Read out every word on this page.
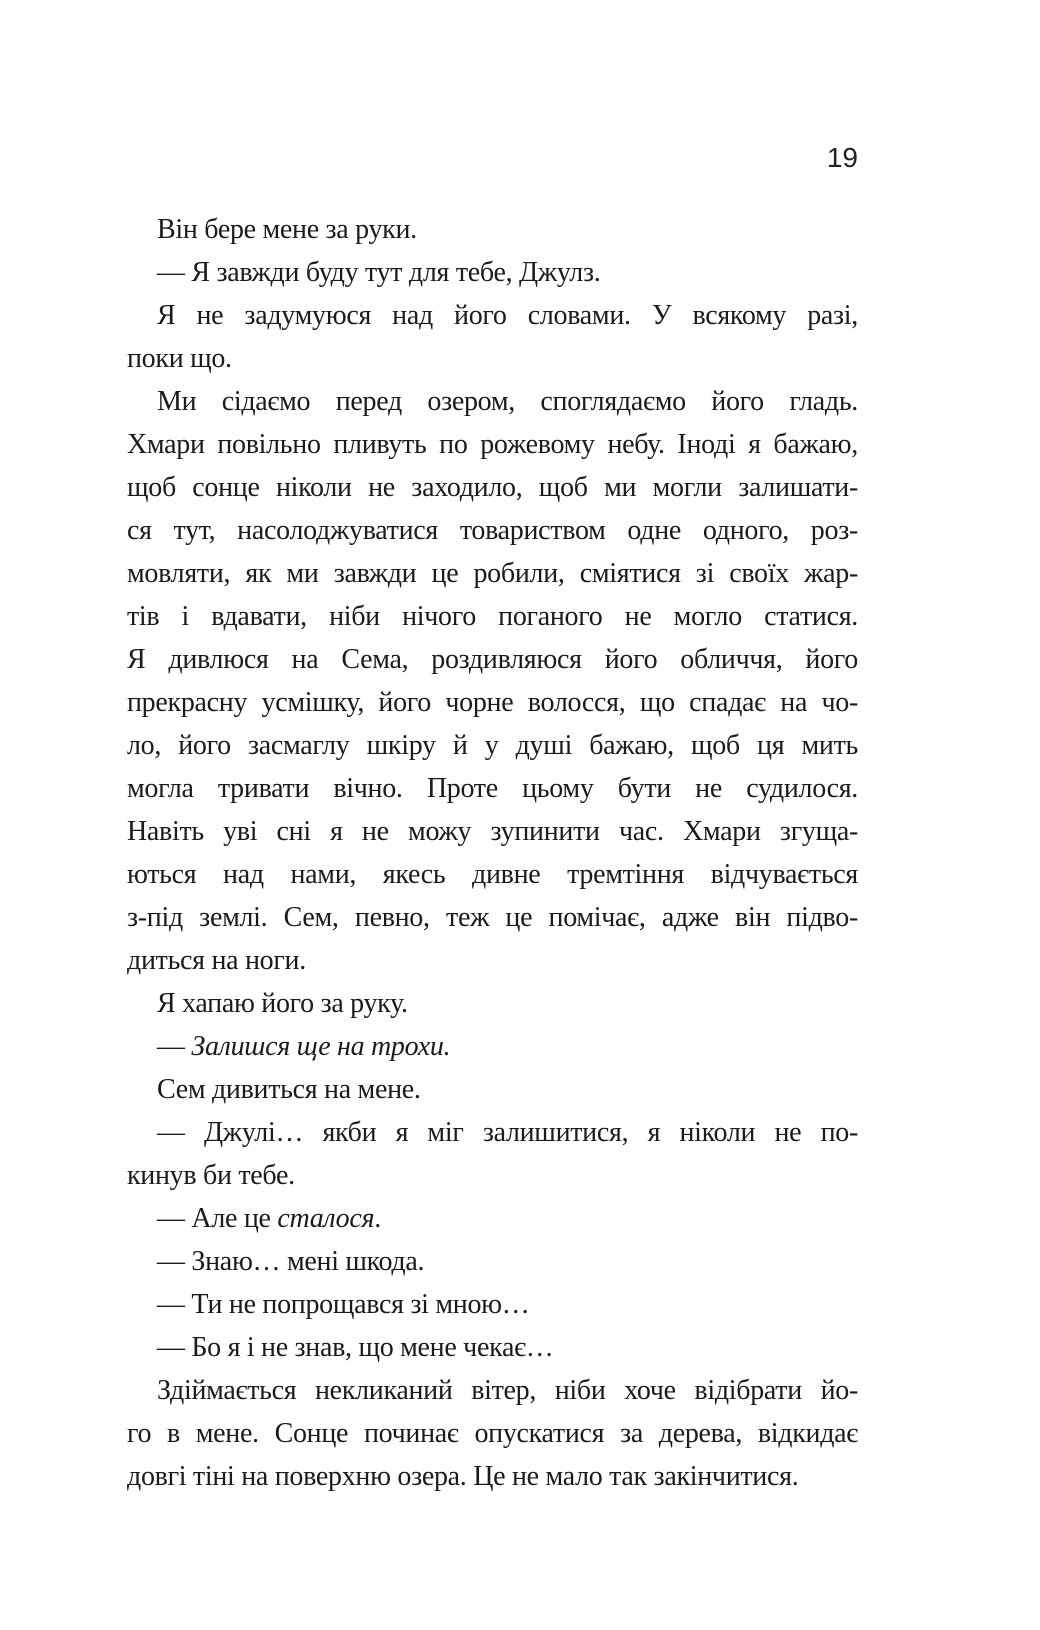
19
Він бере мене за руки.
— Я завжди буду тут для тебе, Джулз.
Я не задумуюся над його словами. У всякому разі,
поки що.
Ми сідаємо перед озером, споглядаємо його гладь.
Хмари повільно пливуть по рожевому небу. Іноді я бажаю,
щоб сонце ніколи не заходило, щоб ми могли залишати-
ся тут, насолоджуватися товариством одне одного, роз-
мовляти, як ми завжди це робили, сміятися зі своїх жар-
тів і вдавати, ніби нічого поганого не могло статися.
Я дивлюся на Сема, роздивляюся його обличчя, його
прекрасну усмішку, його чорне волосся, що спадає на чо-
ло, його засмаглу шкіру й у душі бажаю, щоб ця мить
могла тривати вічно. Проте цьому бути не судилося.
Навіть уві сні я не можу зупинити час. Хмари згуща-
ються над нами, якесь дивне тремтіння відчувається
з-під землі. Сем, певно, теж це помічає, адже він підво-
диться на ноги.
Я хапаю його за руку.
— Залишся ще на трохи.
Сем дивиться на мене.
— Джулі… якби я міг залишитися, я ніколи не по-
кинув би тебе.
— Але це сталося.
— Знаю… мені шкода.
— Ти не попрощався зі мною…
— Бо я і не знав, що мене чекає…
Здіймається некликаний вітер, ніби хоче відібрати йо-
го в мене. Сонце починає опускатися за дерева, відкидає
довгі тіні на поверхню озера. Це не мало так закінчитися.
